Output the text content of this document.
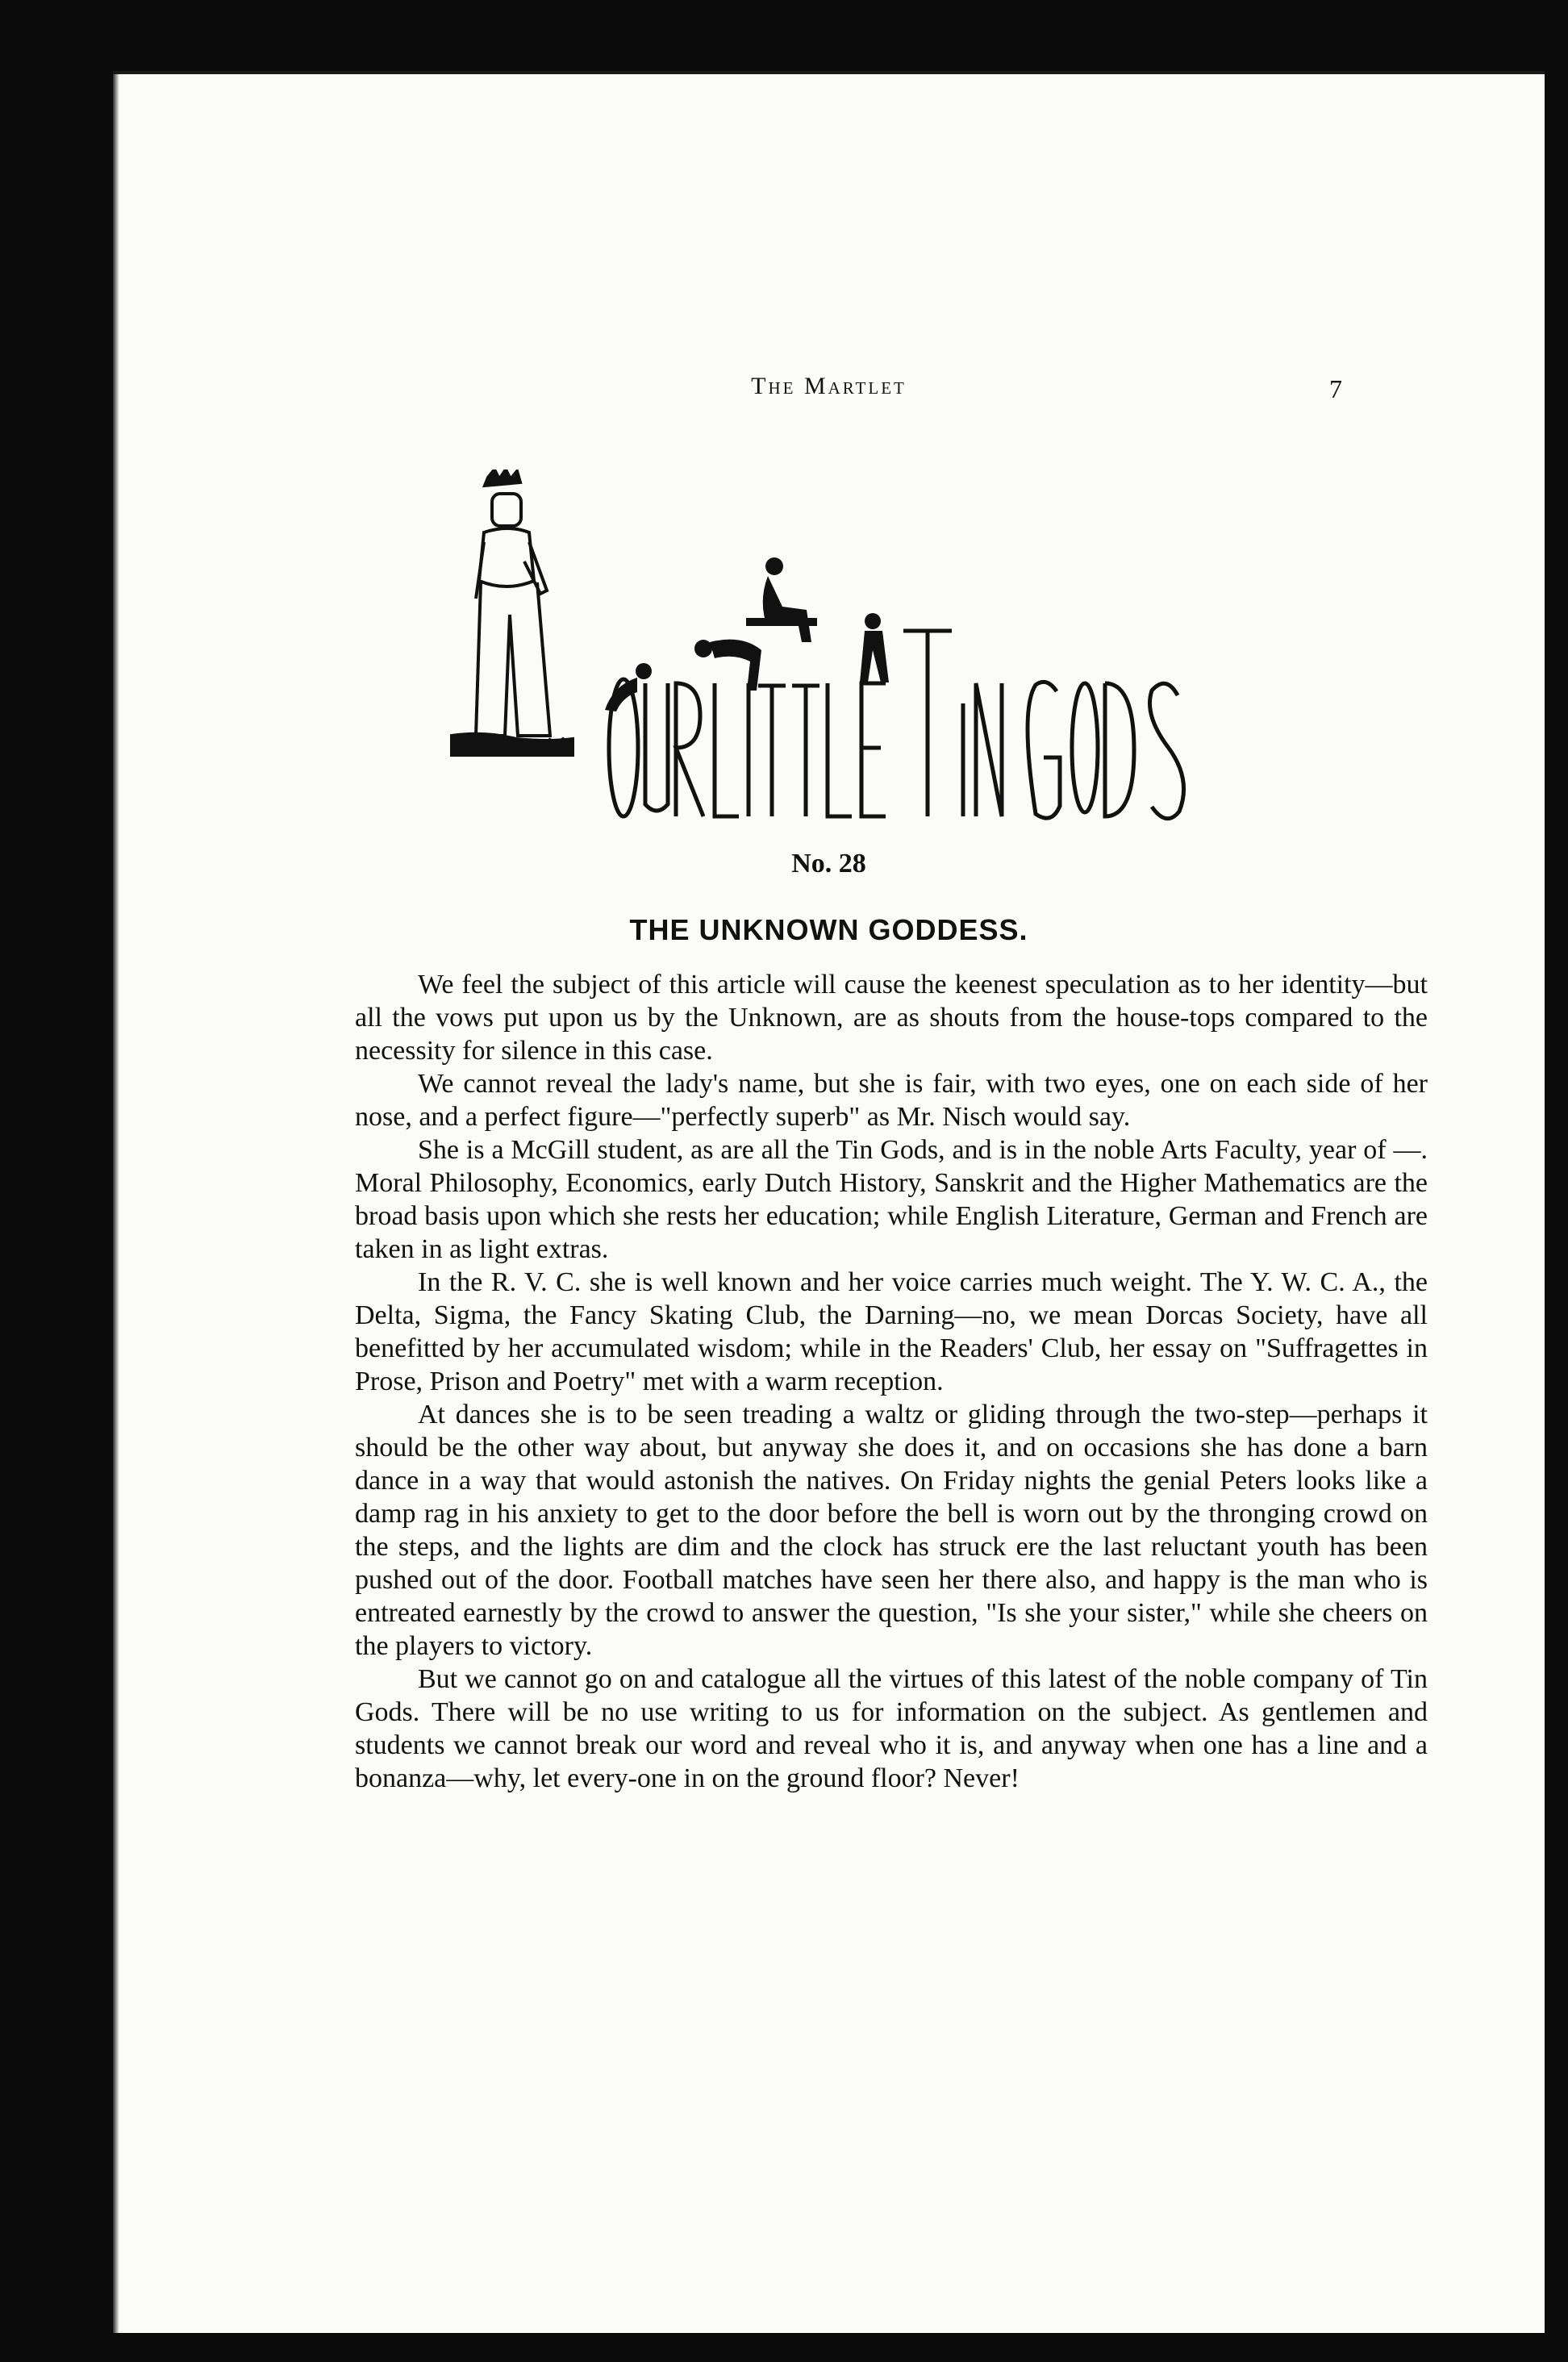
The Martlet	7
No. 28
THE UNKNOWN GODDESS.

We feel the subject of this article will cause the keenest speculation as to her identity—but all the vows put upon us by the Unknown, are as shouts from the house-tops compared to the necessity for silence in this case.

We cannot reveal the lady's name, but she is fair, with two eyes, one on each side of her nose, and a perfect figure—"perfectly superb" as Mr. Nisch would say.

She is a McGill student, as are all the Tin Gods, and is in the noble Arts Faculty, year of —. Moral Philosophy, Economics, early Dutch History, Sanskrit and the Higher Mathematics are the broad basis upon which she rests her education; while English Literature, German and French are taken in as light extras.

In the R. V. C. she is well known and her voice carries much weight. The Y. W. C. A., the Delta, Sigma, the Fancy Skating Club, the Darning—no, we mean Dorcas Society, have all benefitted by her accumulated wisdom; while in the Readers' Club, her essay on "Suffragettes in Prose, Prison and Poetry" met with a warm reception.

At dances she is to be seen treading a waltz or gliding through the two-step—perhaps it should be the other way about, but anyway she does it, and on occasions she has done a barn dance in a way that would astonish the natives. On Friday nights the genial Peters looks like a damp rag in his anxiety to get to the door before the bell is worn out by the thronging crowd on the steps, and the lights are dim and the clock has struck ere the last reluctant youth has been pushed out of the door. Football matches have seen her there also, and happy is the man who is entreated earnestly by the crowd to answer the question, "Is she your sister," while she cheers on the players to victory.

But we cannot go on and catalogue all the virtues of this latest of the noble company of Tin Gods. There will be no use writing to us for information on the subject. As gentlemen and students we cannot break our word and reveal who it is, and anyway when one has a line and a bonanza—why, let every-one in on the ground floor? Never!
